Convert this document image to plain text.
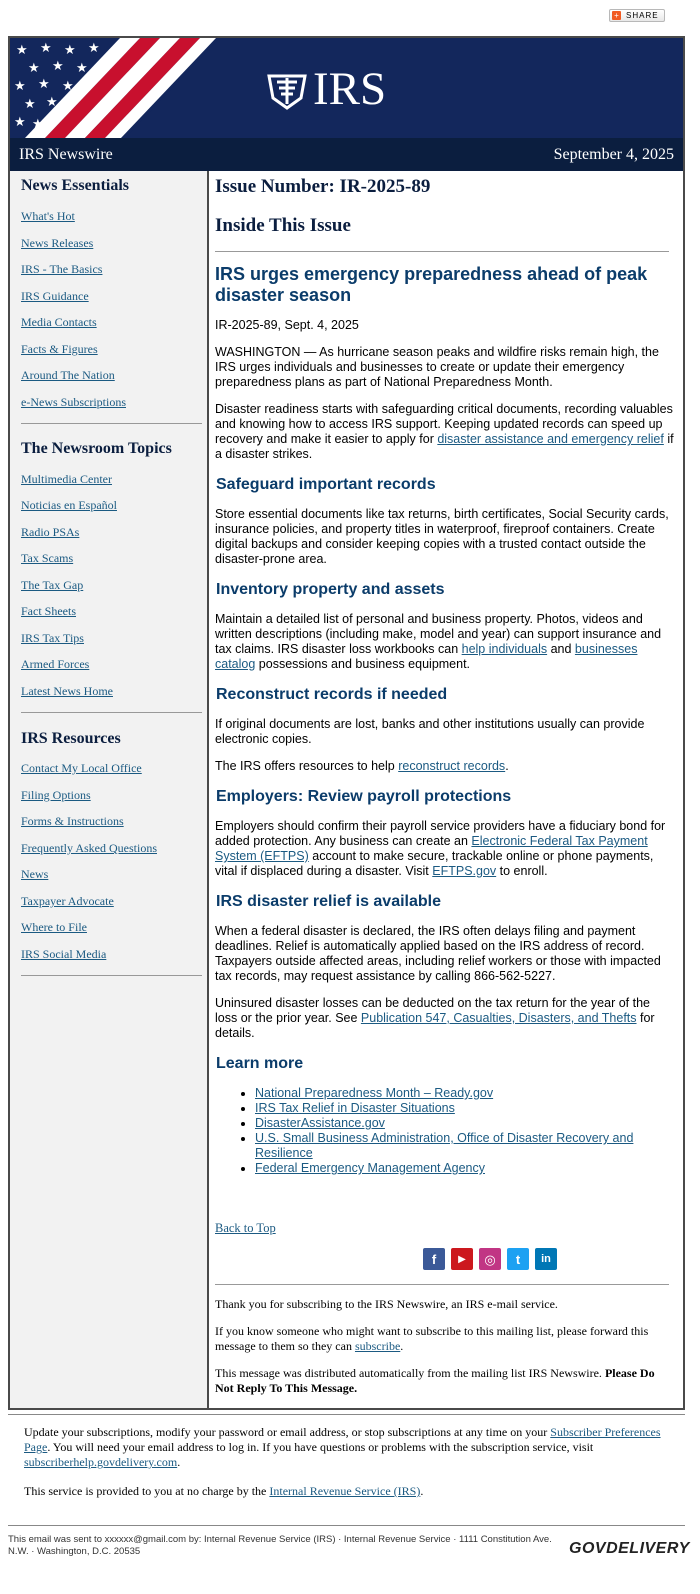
+ SHARE
★ ★ ★ ★
★ ★ ★
★ ★ ★
★ ★
★ ★
IRS
IRS Newswire	September 4, 2025
News Essentials
What's Hot
News Releases
IRS - The Basics
IRS Guidance
Media Contacts
Facts & Figures
Around The Nation
e-News Subscriptions
The Newsroom Topics
Multimedia Center
Noticias en Español
Radio PSAs
Tax Scams
The Tax Gap
Fact Sheets
IRS Tax Tips
Armed Forces
Latest News Home
IRS Resources
Contact My Local Office
Filing Options
Forms & Instructions
Frequently Asked Questions
News
Taxpayer Advocate
Where to File
IRS Social Media
Issue Number: IR-2025-89
Inside This Issue
IRS urges emergency preparedness ahead of peak disaster season

IR-2025-89, Sept. 4, 2025

WASHINGTON — As hurricane season peaks and wildfire risks remain high, the IRS urges individuals and businesses to create or update their emergency preparedness plans as part of National Preparedness Month.

Disaster readiness starts with safeguarding critical documents, recording valuables and knowing how to access IRS support. Keeping updated records can speed up recovery and make it easier to apply for disaster assistance and emergency relief if a disaster strikes.

Safeguard important records

Store essential documents like tax returns, birth certificates, Social Security cards, insurance policies, and property titles in waterproof, fireproof containers. Create digital backups and consider keeping copies with a trusted contact outside the disaster-prone area.

Inventory property and assets

Maintain a detailed list of personal and business property. Photos, videos and written descriptions (including make, model and year) can support insurance and tax claims. IRS disaster loss workbooks can help individuals and businesses catalog possessions and business equipment.

Reconstruct records if needed

If original documents are lost, banks and other institutions usually can provide electronic copies.

The IRS offers resources to help reconstruct records.

Employers: Review payroll protections

Employers should confirm their payroll service providers have a fiduciary bond for added protection. Any business can create an Electronic Federal Tax Payment System (EFTPS) account to make secure, trackable online or phone payments, vital if displaced during a disaster. Visit EFTPS.gov to enroll.

IRS disaster relief is available

When a federal disaster is declared, the IRS often delays filing and payment deadlines. Relief is automatically applied based on the IRS address of record. Taxpayers outside affected areas, including relief workers or those with impacted tax records, may request assistance by calling 866-562-5227.

Uninsured disaster losses can be deducted on the tax return for the year of the loss or the prior year. See Publication 547, Casualties, Disasters, and Thefts for details.

Learn more
• National Preparedness Month – Ready.gov
• IRS Tax Relief in Disaster Situations
• DisasterAssistance.gov
• U.S. Small Business Administration, Office of Disaster Recovery and Resilience
• Federal Emergency Management Agency
Back to Top
f	▶	◎	t	in

Thank you for subscribing to the IRS Newswire, an IRS e-mail service.

If you know someone who might want to subscribe to this mailing list, please forward this message to them so they can subscribe.

This message was distributed automatically from the mailing list IRS Newswire. Please Do Not Reply To This Message.

Update your subscriptions, modify your password or email address, or stop subscriptions at any time on your Subscriber Preferences Page. You will need your email address to log in. If you have questions or problems with the subscription service, visit subscriberhelp.govdelivery.com.

This service is provided to you at no charge by the Internal Revenue Service (IRS).

This email was sent to xxxxxx@gmail.com by: Internal Revenue Service (IRS) · Internal Revenue Service · 1111 Constitution Ave. N.W. · Washington, D.C. 20535	GOVDELIVERY
